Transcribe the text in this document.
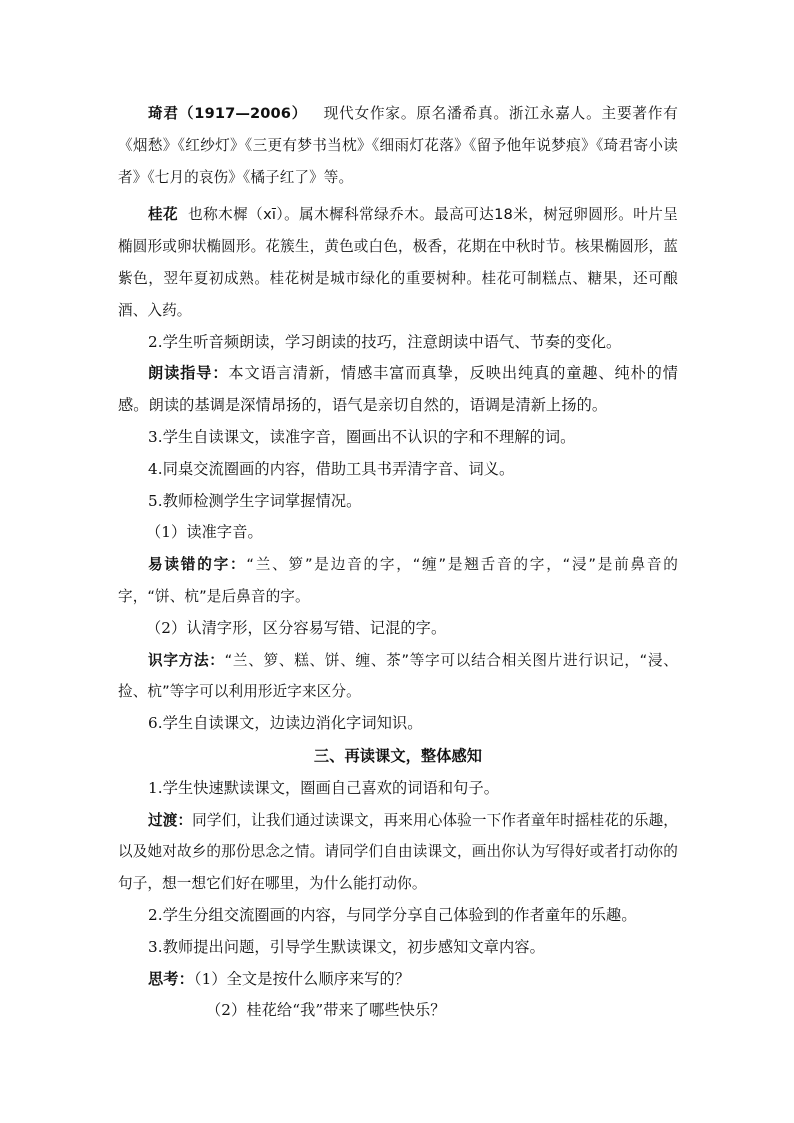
琦君（1917—2006） 现代女作家。原名潘希真。浙江永嘉人。主要著作有《烟愁》《红纱灯》《三更有梦书当枕》《细雨灯花落》《留予他年说梦痕》《琦君寄小读者》《七月的哀伤》《橘子红了》等。

桂花 也称木樨（xī）。属木樨科常绿乔木。最高可达18米，树冠卵圆形。叶片呈椭圆形或卵状椭圆形。花簇生，黄色或白色，极香，花期在中秋时节。核果椭圆形，蓝紫色，翌年夏初成熟。桂花树是城市绿化的重要树种。桂花可制糕点、糖果，还可酿酒、入药。

2.学生听音频朗读，学习朗读的技巧，注意朗读中语气、节奏的变化。

朗读指导：本文语言清新，情感丰富而真挚，反映出纯真的童趣、纯朴的情感。朗读的基调是深情昂扬的，语气是亲切自然的，语调是清新上扬的。

3.学生自读课文，读准字音，圈画出不认识的字和不理解的词。

4.同桌交流圈画的内容，借助工具书弄清字音、词义。

5.教师检测学生字词掌握情况。

（1）读准字音。

易读错的字：“兰、箩”是边音的字，“缠”是翘舌音的字，“浸”是前鼻音的字，“饼、杭”是后鼻音的字。

（2）认清字形，区分容易写错、记混的字。

识字方法：“兰、箩、糕、饼、缠、茶”等字可以结合相关图片进行识记，“浸、捡、杭”等字可以利用形近字来区分。

6.学生自读课文，边读边消化字词知识。

三、再读课文，整体感知

1.学生快速默读课文，圈画自己喜欢的词语和句子。

过渡：同学们，让我们通过读课文，再来用心体验一下作者童年时摇桂花的乐趣，以及她对故乡的那份思念之情。请同学们自由读课文，画出你认为写得好或者打动你的句子，想一想它们好在哪里，为什么能打动你。

2.学生分组交流圈画的内容，与同学分享自己体验到的作者童年的乐趣。

3.教师提出问题，引导学生默读课文，初步感知文章内容。

思考：（1）全文是按什么顺序来写的？

（2）桂花给“我”带来了哪些快乐？
